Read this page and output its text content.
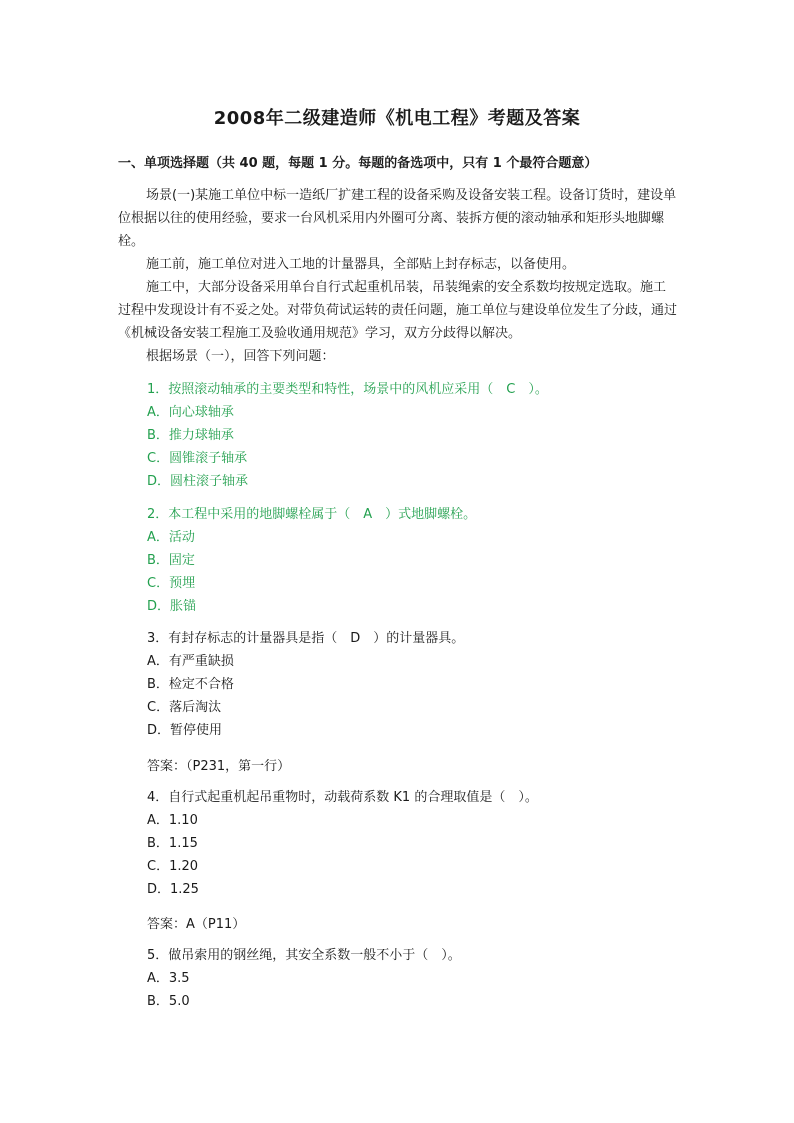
2008年二级建造师《机电工程》考题及答案
一、单项选择题（共 40 题，每题 1 分。每题的备选项中，只有 1 个最符合题意）

场景(一)某施工单位中标一造纸厂扩建工程的设备采购及设备安装工程。设备订货时，建设单位根据以往的使用经验，要求一台风机采用内外圈可分离、装拆方便的滚动轴承和矩形头地脚螺栓。

施工前，施工单位对进入工地的计量器具，全部贴上封存标志，以备使用。

施工中，大部分设备采用单台自行式起重机吊装，吊装绳索的安全系数均按规定选取。施工过程中发现设计有不妥之处。对带负荷试运转的责任问题，施工单位与建设单位发生了分歧，通过《机械设备安装工程施工及验收通用规范》学习，双方分歧得以解决。

根据场景（一），回答下列问题：

1．按照滚动轴承的主要类型和特性，场景中的风机应采用（　C　）。
A．向心球轴承
B．推力球轴承
C．圆锥滚子轴承
D．圆柱滚子轴承
2．本工程中采用的地脚螺栓属于（　A　）式地脚螺栓。
A．活动
B．固定
C．预埋
D．胀锚
3．有封存标志的计量器具是指（　D　）的计量器具。
A．有严重缺损
B．检定不合格
C．落后淘汰
D．暂停使用
答案：（P231，第一行）
4．自行式起重机起吊重物时，动载荷系数 K1 的合理取值是（　）。
A．1.10
B．1.15
C．1.20
D．1.25
答案：A（P11）
5．做吊索用的钢丝绳，其安全系数一般不小于（　）。
A．3.5
B．5.0
